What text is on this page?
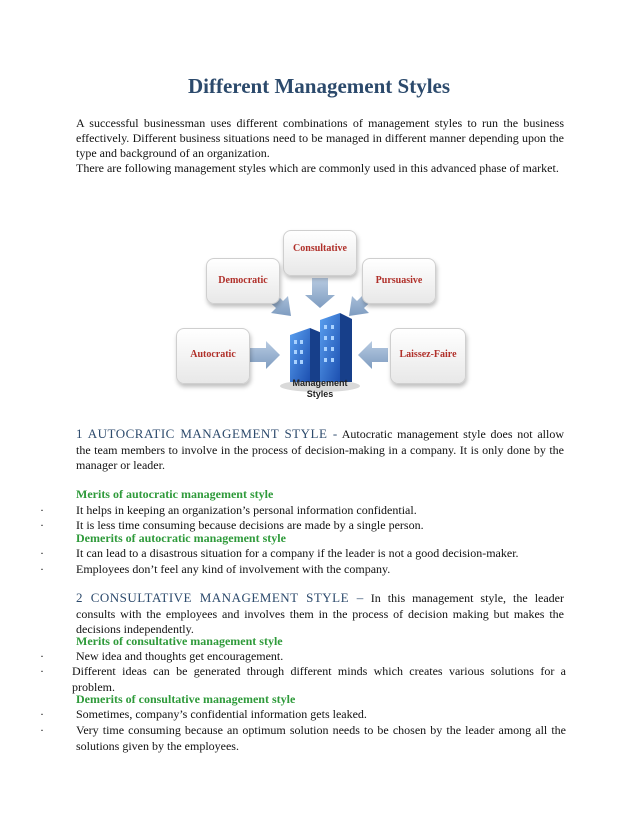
Different Management Styles

A successful businessman uses different combinations of management styles to run the business effectively. Different business situations need to be managed in different manner depending upon the type and background of an organization.

There are following management styles which are commonly used in this advanced phase of market.

Consultative
Democratic	Pursuasive
Autocratic	Laissez-Faire
Management
Styles

1 AUTOCRATIC MANAGEMENT STYLE - Autocratic management style does not allow the team members to involve in the process of decision-making in a company. It is only done by the manager or leader.

Merits of autocratic management style

·	It helps in keeping an organization’s personal information confidential.
·	It is less time consuming because decisions are made by a single person.

Demerits of autocratic management style

·	It can lead to a disastrous situation for a company if the leader is not a good decision-maker.
·	Employees don’t feel any kind of involvement with the company.

2 CONSULTATIVE MANAGEMENT STYLE – In this management style, the leader consults with the employees and involves them in the process of decision making but makes the decisions independently.

Merits of consultative management style

·	New idea and thoughts get encouragement.
·	Different ideas can be generated through different minds which creates various solutions for a problem.

Demerits of consultative management style

·	Sometimes, company’s confidential information gets leaked.
·	Very time consuming because an optimum solution needs to be chosen by the leader among all the solutions given by the employees.
